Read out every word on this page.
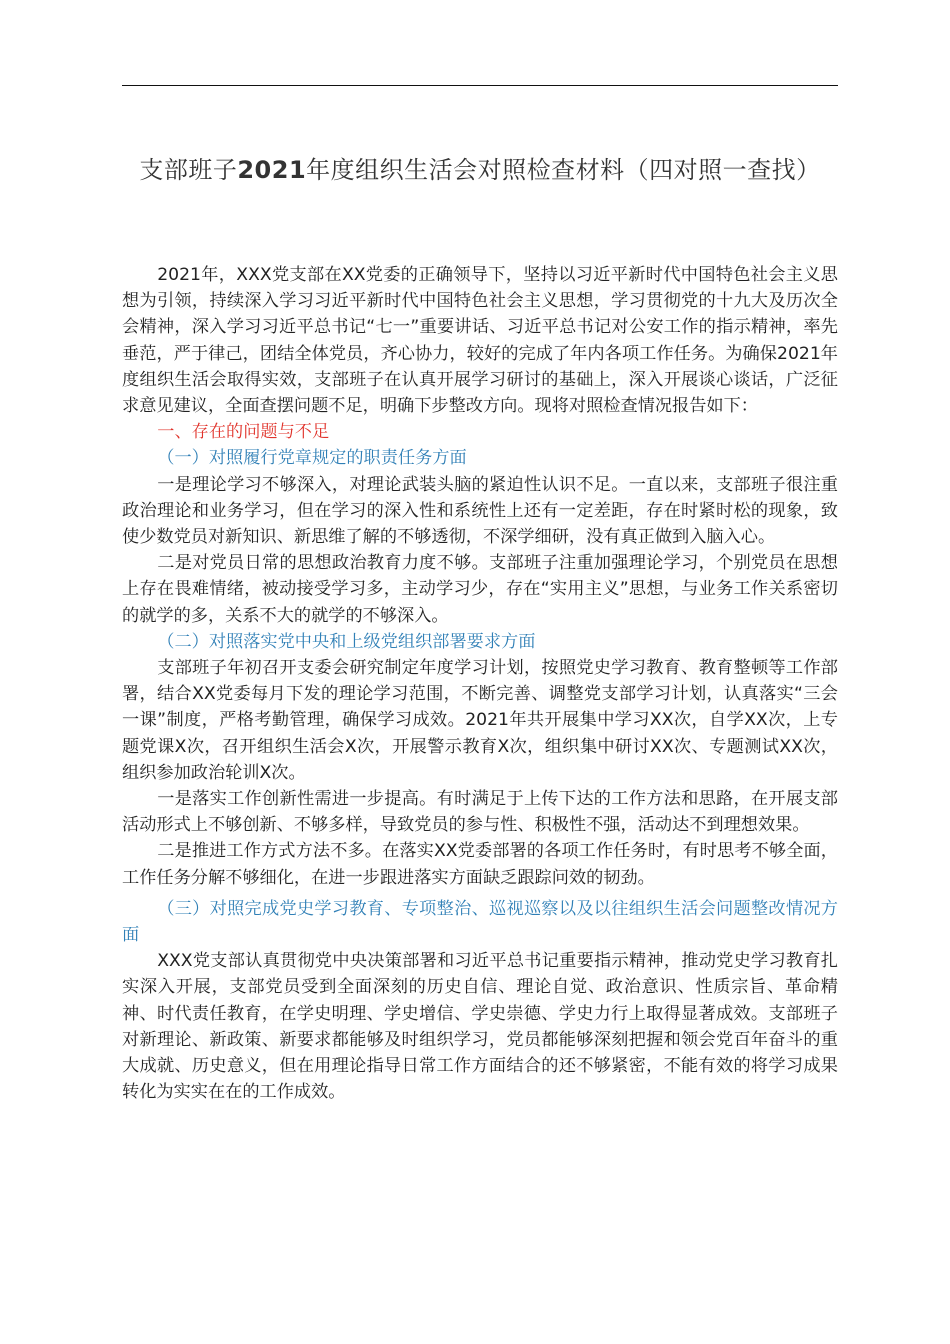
支部班子2021年度组织生活会对照检查材料（四对照一查找）

2021年，XXX党支部在XX党委的正确领导下，坚持以习近平新时代中国特色社会主义思想为引领，持续深入学习习近平新时代中国特色社会主义思想，学习贯彻党的十九大及历次全会精神，深入学习习近平总书记“七一”重要讲话、习近平总书记对公安工作的指示精神，率先垂范，严于律己，团结全体党员，齐心协力，较好的完成了年内各项工作任务。为确保2021年度组织生活会取得实效，支部班子在认真开展学习研讨的基础上，深入开展谈心谈话，广泛征求意见建议，全面查摆问题不足，明确下步整改方向。现将对照检查情况报告如下：

一、存在的问题与不足

（一）对照履行党章规定的职责任务方面

一是理论学习不够深入，对理论武装头脑的紧迫性认识不足。一直以来，支部班子很注重政治理论和业务学习，但在学习的深入性和系统性上还有一定差距，存在时紧时松的现象，致使少数党员对新知识、新思维了解的不够透彻，不深学细研，没有真正做到入脑入心。

二是对党员日常的思想政治教育力度不够。支部班子注重加强理论学习，个别党员在思想上存在畏难情绪，被动接受学习多，主动学习少，存在“实用主义”思想，与业务工作关系密切的就学的多，关系不大的就学的不够深入。

（二）对照落实党中央和上级党组织部署要求方面

支部班子年初召开支委会研究制定年度学习计划，按照党史学习教育、教育整顿等工作部署，结合XX党委每月下发的理论学习范围，不断完善、调整党支部学习计划，认真落实“三会一课”制度，严格考勤管理，确保学习成效。2021年共开展集中学习XX次，自学XX次，上专题党课X次，召开组织生活会X次，开展警示教育X次，组织集中研讨XX次、专题测试XX次，组织参加政治轮训X次。

一是落实工作创新性需进一步提高。有时满足于上传下达的工作方法和思路，在开展支部活动形式上不够创新、不够多样，导致党员的参与性、积极性不强，活动达不到理想效果。

二是推进工作方式方法不多。在落实XX党委部署的各项工作任务时，有时思考不够全面，工作任务分解不够细化，在进一步跟进落实方面缺乏跟踪问效的韧劲。

（三）对照完成党史学习教育、专项整治、巡视巡察以及以往组织生活会问题整改情况方面

XXX党支部认真贯彻党中央决策部署和习近平总书记重要指示精神，推动党史学习教育扎实深入开展，支部党员受到全面深刻的历史自信、理论自觉、政治意识、性质宗旨、革命精神、时代责任教育，在学史明理、学史增信、学史崇德、学史力行上取得显著成效。支部班子对新理论、新政策、新要求都能够及时组织学习，党员都能够深刻把握和领会党百年奋斗的重大成就、历史意义，但在用理论指导日常工作方面结合的还不够紧密，不能有效的将学习成果转化为实实在在的工作成效。
